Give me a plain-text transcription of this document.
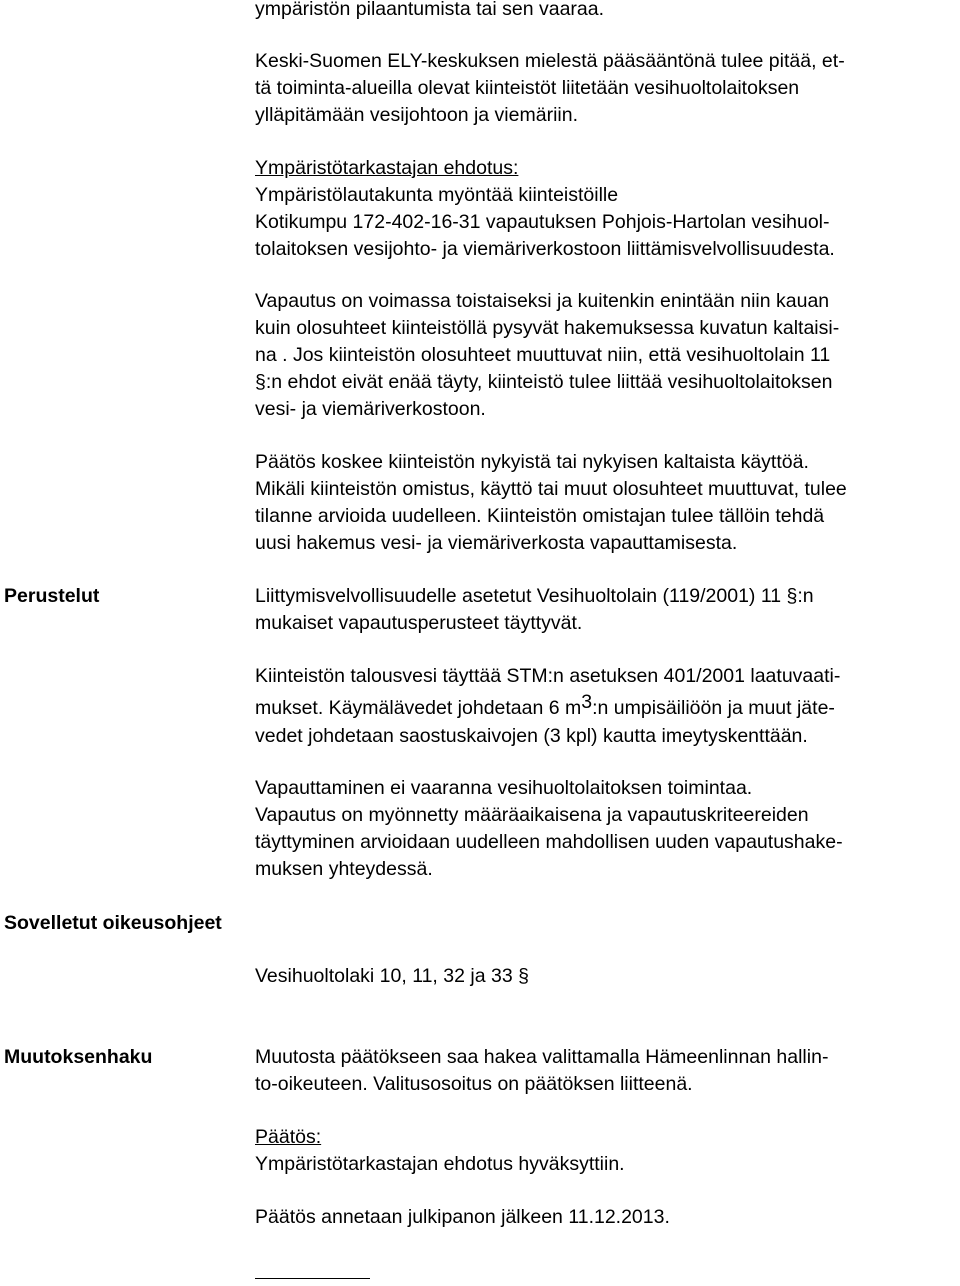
ympäristön pilaantumista tai sen vaaraa.
Keski-Suomen ELY-keskuksen mielestä pääsääntönä tulee pitää, et-
tä toiminta-alueilla olevat kiinteistöt liitetään vesihuoltolaitoksen
ylläpitämään vesijohtoon ja viemäriin.
Ympäristötarkastajan ehdotus:
Ympäristölautakunta myöntää kiinteistöille
Kotikumpu 172-402-16-31 vapautuksen Pohjois-Hartolan vesihuol-
tolaitoksen vesijohto- ja viemäriverkostoon liittämisvelvollisuudesta.
Vapautus on voimassa toistaiseksi ja kuitenkin enintään niin kauan
kuin olosuhteet kiinteistöllä pysyvät hakemuksessa kuvatun kaltaisi-
na . Jos kiinteistön olosuhteet muuttuvat niin, että vesihuoltolain 11
§:n ehdot eivät enää täyty, kiinteistö tulee liittää vesihuoltolaitoksen
vesi- ja viemäriverkostoon.
Päätös koskee kiinteistön nykyistä tai nykyisen kaltaista käyttöä.
Mikäli kiinteistön omistus, käyttö tai muut olosuhteet muuttuvat, tulee
tilanne arvioida uudelleen. Kiinteistön omistajan tulee tällöin tehdä
uusi hakemus vesi- ja viemäriverkosta vapauttamisesta.
Perustelut	Liittymisvelvollisuudelle asetetut Vesihuoltolain (119/2001) 11 §:n
mukaiset vapautusperusteet täyttyvät.
Kiinteistön talousvesi täyttää STM:n asetuksen 401/2001 laatuvaati-
mukset. Käymälävedet johdetaan 6 m3:n umpisäiliöön ja muut jäte-
vedet johdetaan saostuskaivojen (3 kpl) kautta imeytyskenttään.
Vapauttaminen ei vaaranna vesihuoltolaitoksen toimintaa.
Vapautus on myönnetty määräaikaisena ja vapautuskriteereiden
täyttyminen arvioidaan uudelleen mahdollisen uuden vapautushake-
muksen yhteydessä.
Sovelletut oikeusohjeet
Vesihuoltolaki 10, 11, 32 ja 33 §
Muutoksenhaku	Muutosta päätökseen saa hakea valittamalla Hämeenlinnan hallin-
to-oikeuteen. Valitusosoitus on päätöksen liitteenä.
Päätös:
Ympäristötarkastajan ehdotus hyväksyttiin.
Päätös annetaan julkipanon jälkeen 11.12.2013.
